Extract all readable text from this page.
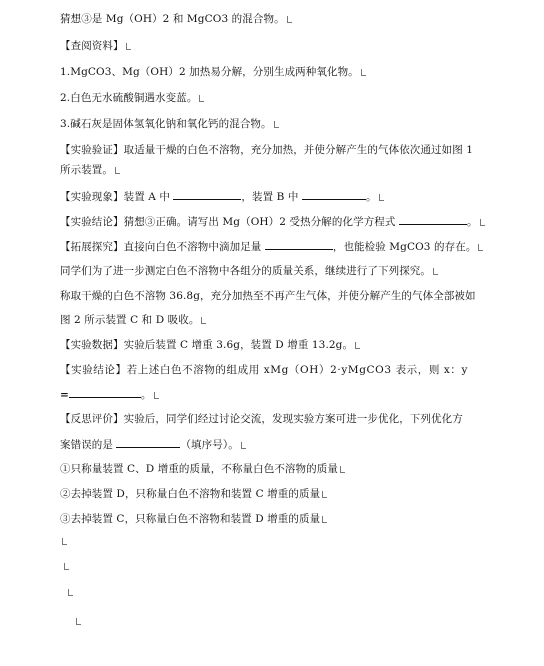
猜想③是 Mg（OH）2 和 MgCO3 的混合物。
【查阅资料】
1.MgCO3、Mg（OH）2 加热易分解，分别生成两种氧化物。
2.白色无水硫酸铜遇水变蓝。
3.碱石灰是固体氢氧化钠和氧化钙的混合物。
【实验验证】取适量干燥的白色不溶物，充分加热，并使分解产生的气体依次通过如图 1
所示装置。
【实验现象】装置 A 中	，装置 B 中	。
【实验结论】猜想③正确。请写出 Mg（OH）2 受热分解的化学方程式	。
【拓展探究】直接向白色不溶物中滴加足量	，也能检验 MgCO3 的存在。
同学们为了进一步测定白色不溶物中各组分的质量关系，继续进行了下列探究。
称取干燥的白色不溶物 36.8g，充分加热至不再产生气体，并使分解产生的气体全部被如
图 2 所示装置 C 和 D 吸收。
【实验数据】实验后装置 C 增重 3.6g，装置 D 增重 13.2g。
【实验结论】若上述白色不溶物的组成用 xMg（OH）2·yMgCO3 表示，则 x：y
=	。
【反思评价】实验后，同学们经过讨论交流，发现实验方案可进一步优化，下列优化方
案错误的是	（填序号）。
①只称量装置 C、D 增重的质量，不称量白色不溶物的质量
②去掉装置 D，只称量白色不溶物和装置 C 增重的质量
③去掉装置 C，只称量白色不溶物和装置 D 增重的质量
